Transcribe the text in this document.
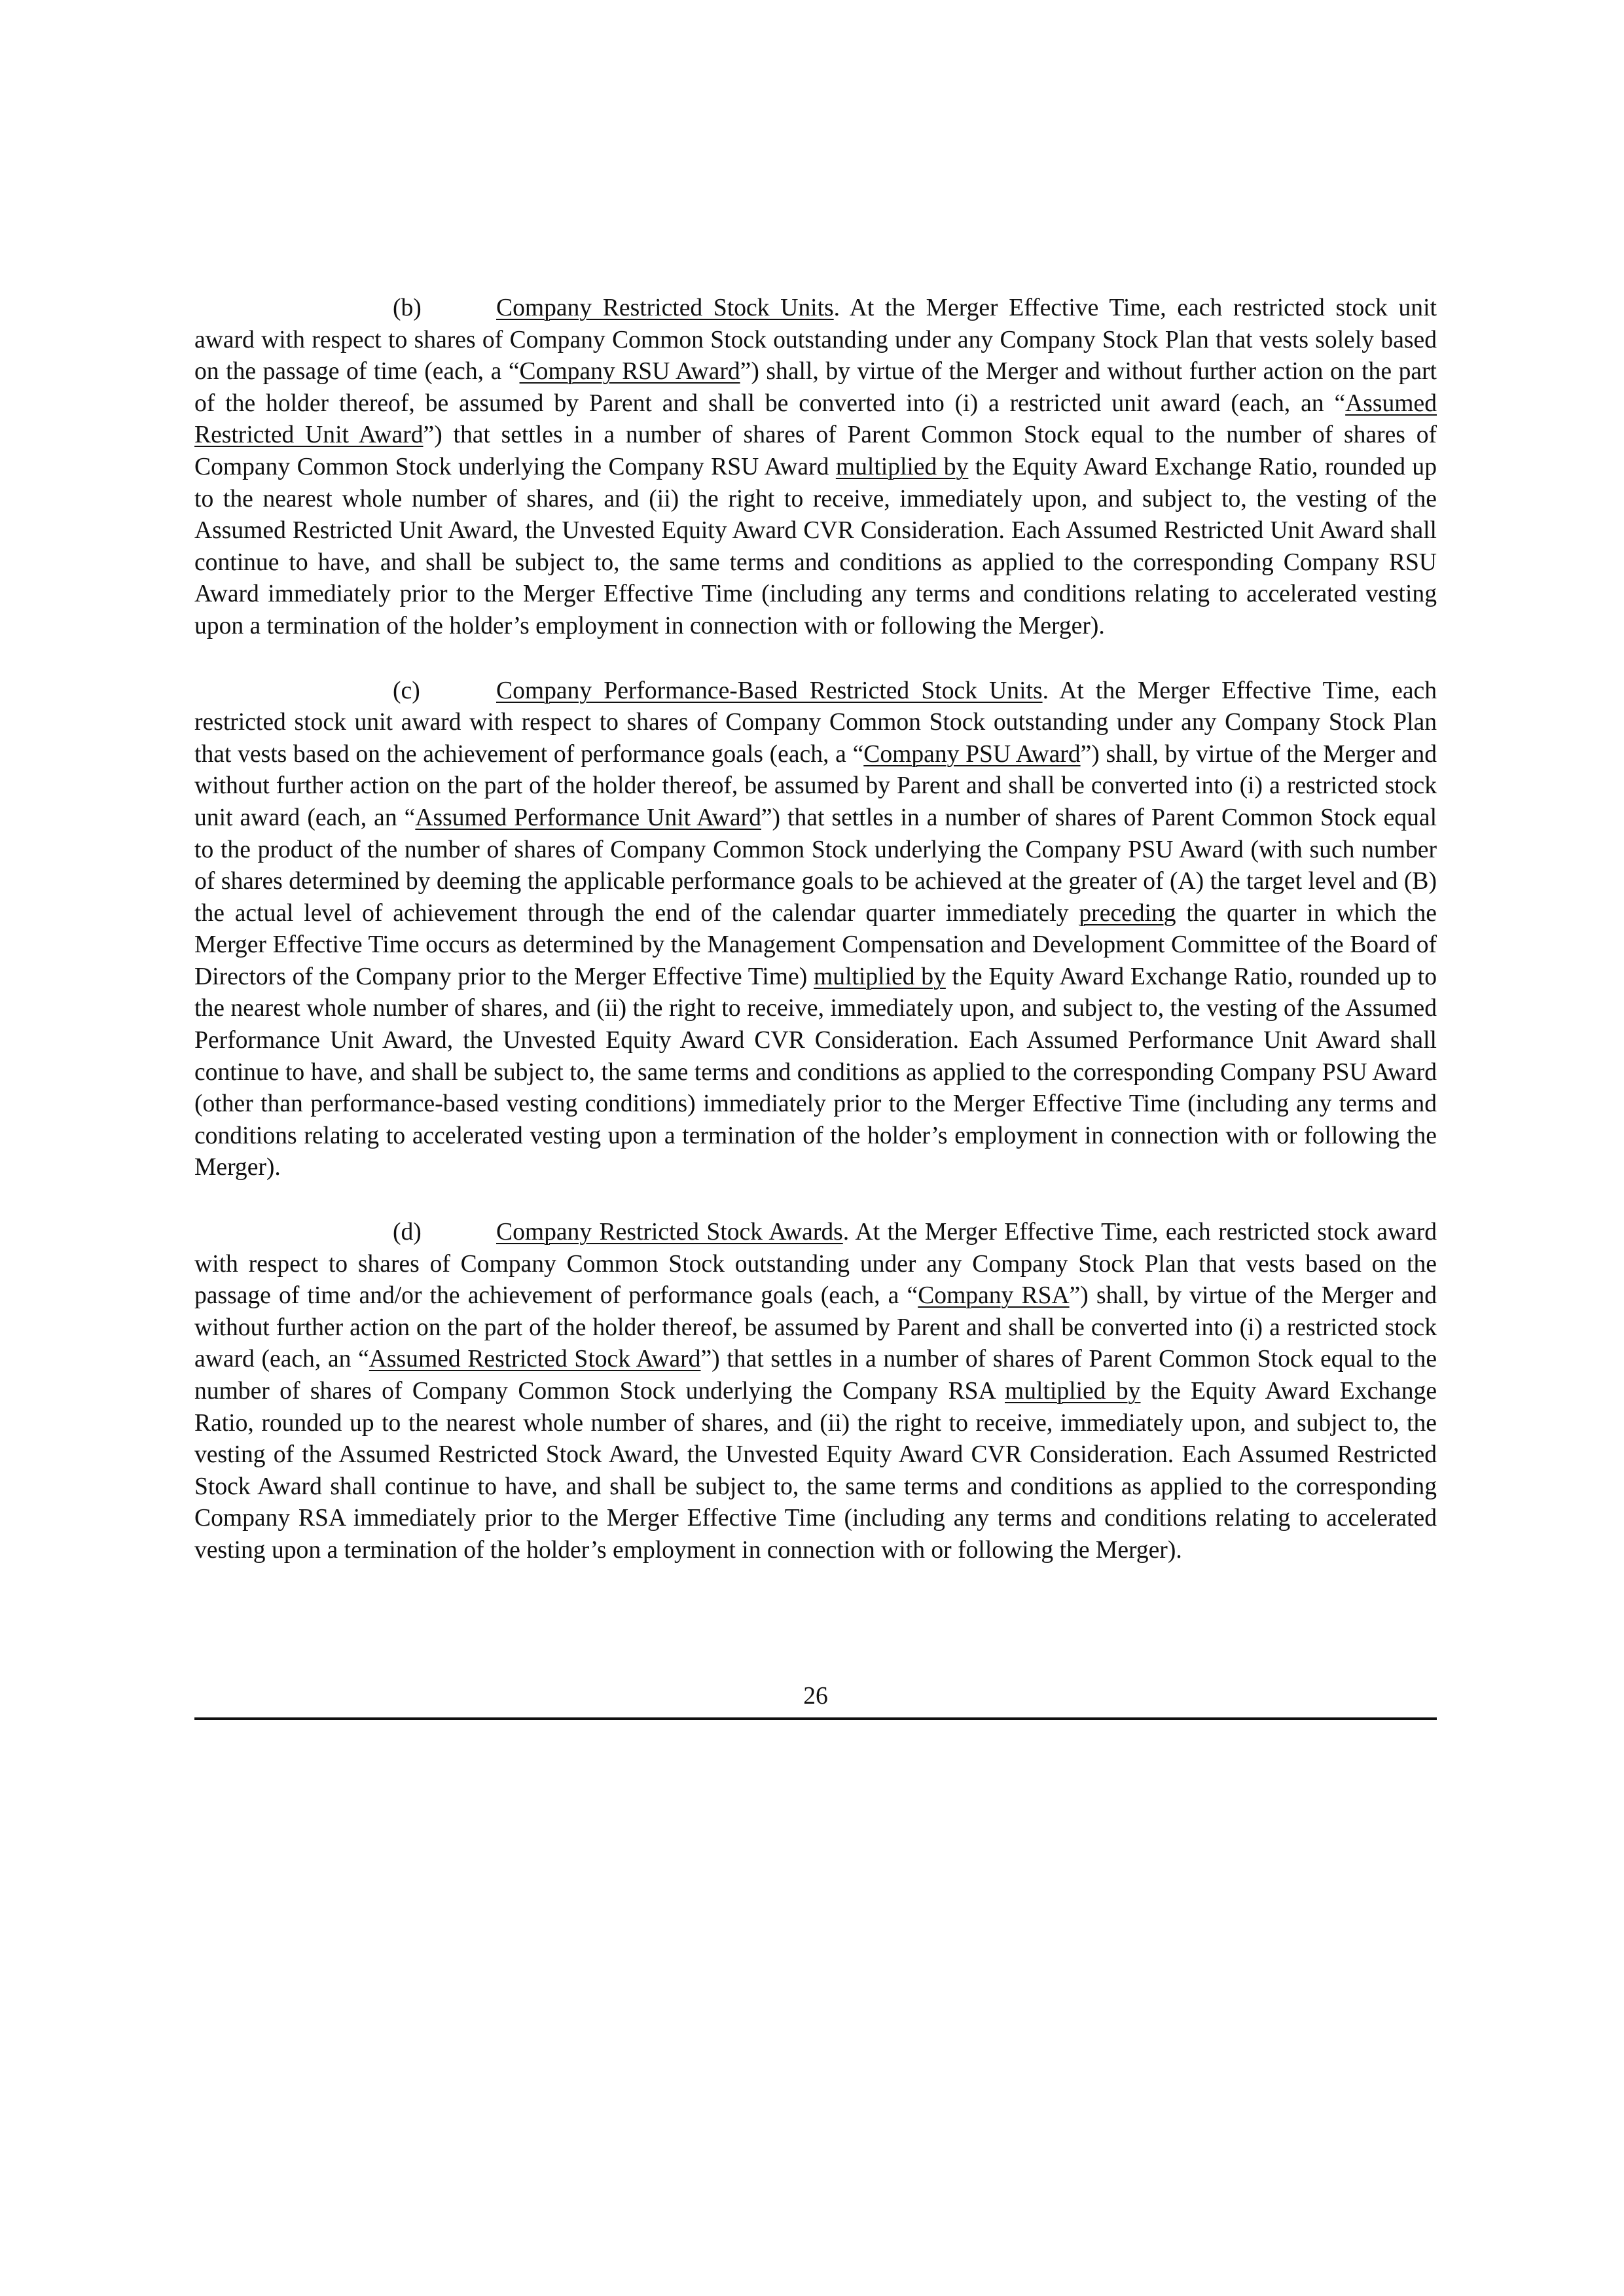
(b)	Company Restricted Stock Units. At the Merger Effective Time, each restricted stock unit award with respect to shares of Company Common Stock outstanding under any Company Stock Plan that vests solely based on the passage of time (each, a “Company RSU Award”) shall, by virtue of the Merger and without further action on the part of the holder thereof, be assumed by Parent and shall be converted into (i) a restricted unit award (each, an “Assumed Restricted Unit Award”) that settles in a number of shares of Parent Common Stock equal to the number of shares of Company Common Stock underlying the Company RSU Award multiplied by the Equity Award Exchange Ratio, rounded up to the nearest whole number of shares, and (ii) the right to receive, immediately upon, and subject to, the vesting of the Assumed Restricted Unit Award, the Unvested Equity Award CVR Consideration. Each Assumed Restricted Unit Award shall continue to have, and shall be subject to, the same terms and conditions as applied to the corresponding Company RSU Award immediately prior to the Merger Effective Time (including any terms and conditions relating to accelerated vesting upon a termination of the holder’s employment in connection with or following the Merger).

(c)	Company Performance-Based Restricted Stock Units. At the Merger Effective Time, each restricted stock unit award with respect to shares of Company Common Stock outstanding under any Company Stock Plan that vests based on the achievement of performance goals (each, a “Company PSU Award”) shall, by virtue of the Merger and without further action on the part of the holder thereof, be assumed by Parent and shall be converted into (i) a restricted stock unit award (each, an “Assumed Performance Unit Award”) that settles in a number of shares of Parent Common Stock equal to the product of the number of shares of Company Common Stock underlying the Company PSU Award (with such number of shares determined by deeming the applicable performance goals to be achieved at the greater of (A) the target level and (B) the actual level of achievement through the end of the calendar quarter immediately preceding the quarter in which the Merger Effective Time occurs as determined by the Management Compensation and Development Committee of the Board of Directors of the Company prior to the Merger Effective Time) multiplied by the Equity Award Exchange Ratio, rounded up to the nearest whole number of shares, and (ii) the right to receive, immediately upon, and subject to, the vesting of the Assumed Performance Unit Award, the Unvested Equity Award CVR Consideration. Each Assumed Performance Unit Award shall continue to have, and shall be subject to, the same terms and conditions as applied to the corresponding Company PSU Award (other than performance-based vesting conditions) immediately prior to the Merger Effective Time (including any terms and conditions relating to accelerated vesting upon a termination of the holder’s employment in connection with or following the Merger).

(d)	Company Restricted Stock Awards. At the Merger Effective Time, each restricted stock award with respect to shares of Company Common Stock outstanding under any Company Stock Plan that vests based on the passage of time and/or the achievement of performance goals (each, a “Company RSA”) shall, by virtue of the Merger and without further action on the part of the holder thereof, be assumed by Parent and shall be converted into (i) a restricted stock award (each, an “Assumed Restricted Stock Award”) that settles in a number of shares of Parent Common Stock equal to the number of shares of Company Common Stock underlying the Company RSA multiplied by the Equity Award Exchange Ratio, rounded up to the nearest whole number of shares, and (ii) the right to receive, immediately upon, and subject to, the vesting of the Assumed Restricted Stock Award, the Unvested Equity Award CVR Consideration. Each Assumed Restricted Stock Award shall continue to have, and shall be subject to, the same terms and conditions as applied to the corresponding Company RSA immediately prior to the Merger Effective Time (including any terms and conditions relating to accelerated vesting upon a termination of the holder’s employment in connection with or following the Merger).

26
